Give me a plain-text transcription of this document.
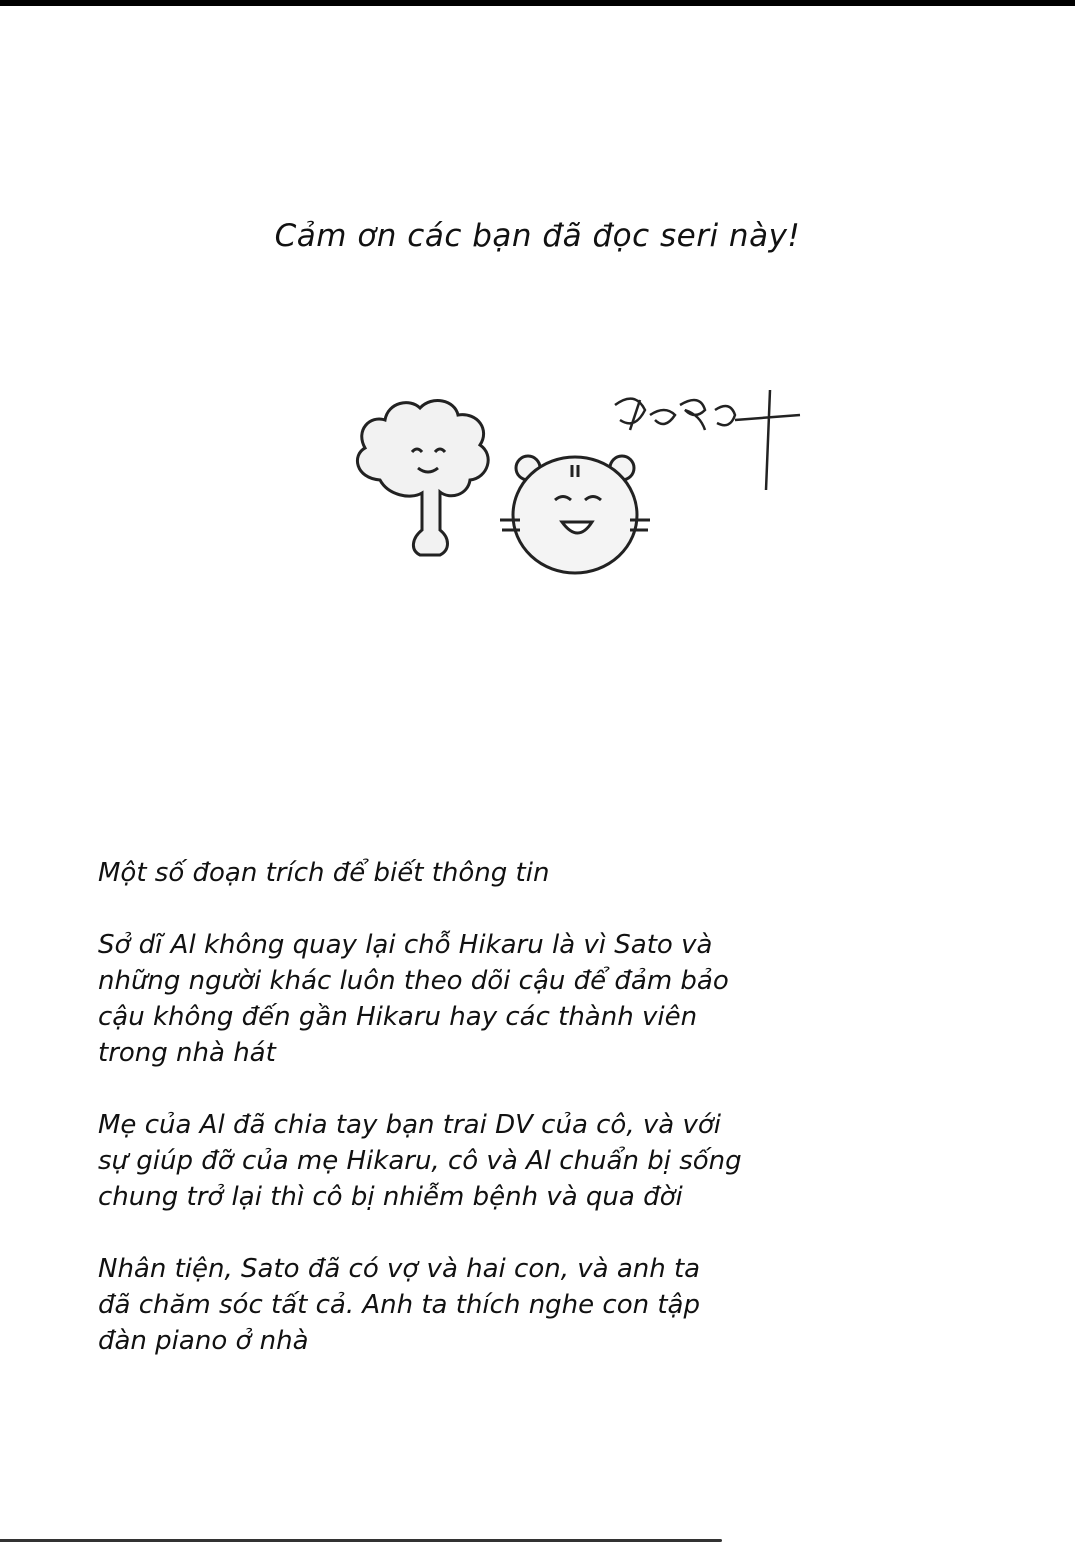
Cảm ơn các bạn đã đọc seri này!
Một số đoạn trích để biết thông tin
Sở dĩ Al không quay lại chỗ Hikaru là vì Sato và
những người khác luôn theo dõi cậu để đảm bảo
cậu không đến gần Hikaru hay các thành viên
trong nhà hát
Mẹ của Al đã chia tay bạn trai DV của cô, và với
sự giúp đỡ của mẹ Hikaru, cô và Al chuẩn bị sống
chung trở lại thì cô bị nhiễm bệnh và qua đời
Nhân tiện, Sato đã có vợ và hai con, và anh ta
đã chăm sóc tất cả. Anh ta thích nghe con tập
đàn piano ở nhà
